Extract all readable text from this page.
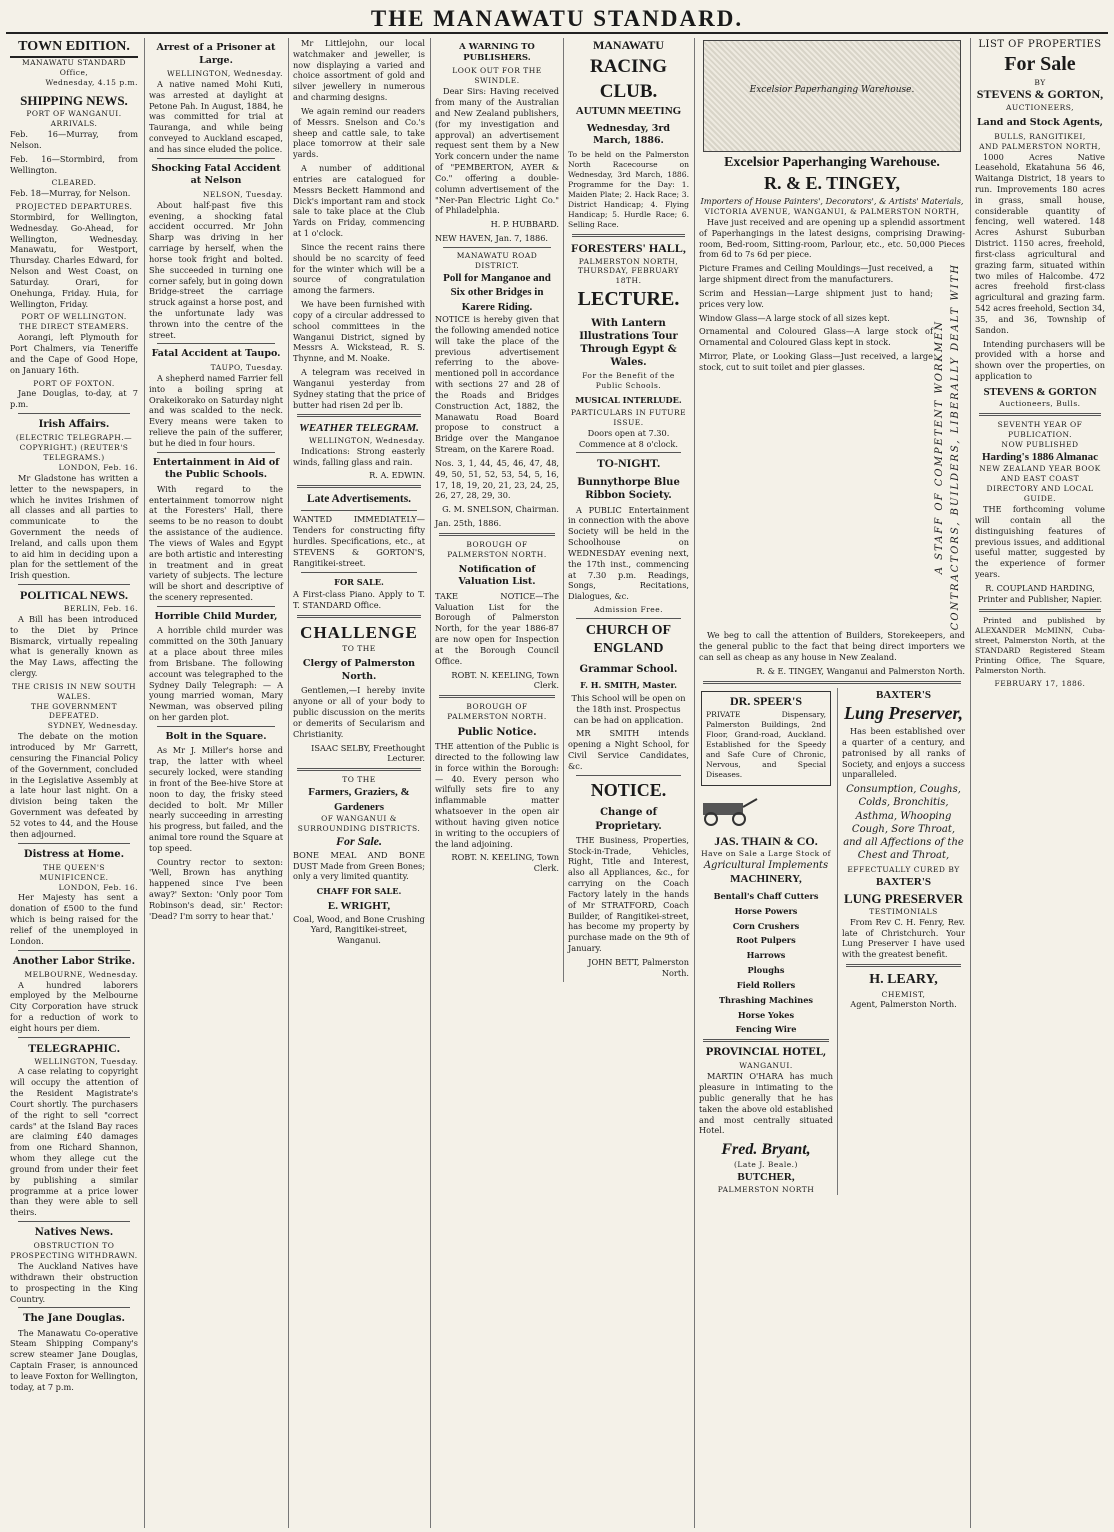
THE MANAWATU STANDARD.
TOWN EDITION.
MANAWATU STANDARD Office,
Wednesday, 4.15 p.m.
SHIPPING NEWS.
PORT OF WANGANUI.
ARRIVALS.

Feb. 16—Murray, from Nelson.

Feb. 16—Stormbird, from Wellington.

CLEARED.

Feb. 18—Murray, for Nelson.

PROJECTED DEPARTURES.

Stormbird, for Wellington, Wednesday. Go-Ahead, for Wellington, Wednesday. Manawatu, for Westport, Thursday. Charles Edward, for Nelson and West Coast, on Saturday. Orari, for Onehunga, Friday. Huia, for Wellington, Friday.

PORT OF WELLINGTON.
THE DIRECT STEAMERS.

Aorangi, left Plymouth for Port Chalmers, via Teneriffe and the Cape of Good Hope, on January 16th.

PORT OF FOXTON.

Jane Douglas, to-day, at 7 p.m.

Irish Affairs.
(ELECTRIC TELEGRAPH.—COPYRIGHT.) (REUTER'S TELEGRAMS.)
LONDON, Feb. 16.

Mr Gladstone has written a letter to the newspapers, in which he invites Irishmen of all classes and all parties to communicate to the Government the needs of Ireland, and calls upon them to aid him in deciding upon a plan for the settlement of the Irish question.

POLITICAL NEWS.
BERLIN, Feb. 16.

A Bill has been introduced to the Diet by Prince Bismarck, virtually repealing what is generally known as the May Laws, affecting the clergy.

THE CRISIS IN NEW SOUTH WALES.
THE GOVERNMENT DEFEATED.
SYDNEY, Wednesday.

The debate on the motion introduced by Mr Garrett, censuring the Financial Policy of the Government, concluded in the Legislative Assembly at a late hour last night. On a division being taken the Government was defeated by 52 votes to 44, and the House then adjourned.

Distress at Home.
THE QUEEN'S MUNIFICENCE.
LONDON, Feb. 16.

Her Majesty has sent a donation of £500 to the fund which is being raised for the relief of the unemployed in London.

Another Labor Strike.
MELBOURNE, Wednesday.

A hundred laborers employed by the Melbourne City Corporation have struck for a reduction of work to eight hours per diem.

TELEGRAPHIC.
WELLINGTON, Tuesday.

A case relating to copyright will occupy the attention of the Resident Magistrate's Court shortly. The purchasers of the right to sell "correct cards" at the Island Bay races are claiming £40 damages from one Richard Shannon, whom they allege cut the ground from under their feet by publishing a similar programme at a price lower than they were able to sell theirs.

Natives News.
OBSTRUCTION TO PROSPECTING WITHDRAWN.

The Auckland Natives have withdrawn their obstruction to prospecting in the King Country.

The Jane Douglas.

The Manawatu Co-operative Steam Shipping Company's screw steamer Jane Douglas, Captain Fraser, is announced to leave Foxton for Wellington, today, at 7 p.m.

Arrest of a Prisoner at Large.
WELLINGTON, Wednesday.

A native named Mohi Kuti, was arrested at daylight at Petone Pah. In August, 1884, he was committed for trial at Tauranga, and while being conveyed to Auckland escaped, and has since eluded the police.

Shocking Fatal Accident at Nelson
NELSON, Tuesday.

About half-past five this evening, a shocking fatal accident occurred. Mr John Sharp was driving in her carriage by herself, when the horse took fright and bolted. She succeeded in turning one corner safely, but in going down Bridge-street the carriage struck against a horse post, and the unfortunate lady was thrown into the centre of the street.

Fatal Accident at Taupo.
TAUPO, Tuesday.

A shepherd named Farrier fell into a boiling spring at Orakeikorako on Saturday night and was scalded to the neck. Every means were taken to relieve the pain of the sufferer, but he died in four hours.

Entertainment in Aid of the Public Schools.

With regard to the entertainment tomorrow night at the Foresters' Hall, there seems to be no reason to doubt the assistance of the audience. The views of Wales and Egypt are both artistic and interesting in treatment and in great variety of subjects. The lecture will be short and descriptive of the scenery represented.

Horrible Child Murder,

A horrible child murder was committed on the 30th January at a place about three miles from Brisbane. The following account was telegraphed to the Sydney Daily Telegraph: — A young married woman, Mary Newman, was observed piling on her garden plot.

Bolt in the Square.

As Mr J. Miller's horse and trap, the latter with wheel securely locked, were standing in front of the Bee-hive Store at noon to day, the frisky steed decided to bolt. Mr Miller nearly succeeding in arresting his progress, but failed, and the animal tore round the Square at top speed.

Country rector to sexton: 'Well, Brown has anything happened since I've been away?' Sexton: 'Only poor Tom Robinson's dead, sir.' Rector: 'Dead? I'm sorry to hear that.'

Mr Littlejohn, our local watchmaker and jeweller, is now displaying a varied and choice assortment of gold and silver jewellery in numerous and charming designs.

We again remind our readers of Messrs. Snelson and Co.'s sheep and cattle sale, to take place tomorrow at their sale yards.

A number of additional entries are catalogued for Messrs Beckett Hammond and Dick's important ram and stock sale to take place at the Club Yards on Friday, commencing at 1 o'clock.

Since the recent rains there should be no scarcity of feed for the winter which will be a source of congratulation among the farmers.

We have been furnished with copy of a circular addressed to school committees in the Wanganui District, signed by Messrs A. Wickstead, R. S. Thynne, and M. Noake.

A telegram was received in Wanganui yesterday from Sydney stating that the price of butter had risen 2d per lb.

WEATHER TELEGRAM.
WELLINGTON, Wednesday.

Indications: Strong easterly winds, falling glass and rain.

R. A. EDWIN.

Late Advertisements.

WANTED IMMEDIATELY—Tenders for constructing fifty hurdles. Specifications, etc., at STEVENS & GORTON'S, Rangitikei-street.

FOR SALE.

A First-class Piano. Apply to T. T. STANDARD Office.

CHALLENGE
TO THE
Clergy of Palmerston North.

Gentlemen,—I hereby invite anyone or all of your body to public discussion on the merits or demerits of Secularism and Christianity.

ISAAC SELBY, Freethought Lecturer.

TO THE
Farmers, Graziers, & Gardeners
OF WANGANUI & SURROUNDING DISTRICTS.
For Sale.

BONE MEAL AND BONE DUST Made from Green Bones; only a very limited quantity.

CHAFF FOR SALE.
E. WRIGHT,

Coal, Wood, and Bone Crushing Yard, Rangitikei-street, Wanganui.

A WARNING TO PUBLISHERS.
LOOK OUT FOR THE SWINDLE.

Dear Sirs: Having received from many of the Australian and New Zealand publishers, (for my investigation and approval) an advertisement request sent them by a New York concern under the name of "PEMBERTON, AYER & Co." offering a double-column advertisement of the "Ner-Pan Electric Light Co." of Philadelphia.

H. P. HUBBARD.

NEW HAVEN, Jan. 7, 1886.

MANAWATU ROAD DISTRICT.
Poll for Manganoe and Six other Bridges in Karere Riding.

NOTICE is hereby given that the following amended notice will take the place of the previous advertisement referring to the above-mentioned poll in accordance with sections 27 and 28 of the Roads and Bridges Construction Act, 1882, the Manawatu Road Board propose to construct a Bridge over the Manganoe Stream, on the Karere Road.

Nos. 3, 1, 44, 45, 46, 47, 48, 49, 50, 51, 52, 53, 54, 5, 16, 17, 18, 19, 20, 21, 23, 24, 25, 26, 27, 28, 29, 30.

G. M. SNELSON, Chairman.

Jan. 25th, 1886.

BOROUGH OF PALMERSTON NORTH.
Notification of Valuation List.

TAKE NOTICE—The Valuation List for the Borough of Palmerston North, for the year 1886-87 are now open for Inspection at the Borough Council Office.

ROBT. N. KEELING, Town Clerk.

BOROUGH OF PALMERSTON NORTH.
Public Notice.

THE attention of the Public is directed to the following law in force within the Borough:— 40. Every person who wilfully sets fire to any inflammable matter whatsoever in the open air without having given notice in writing to the occupiers of the land adjoining.

ROBT. N. KEELING, Town Clerk.

MANAWATU
RACING CLUB.
AUTUMN MEETING
Wednesday, 3rd March, 1886.

To be held on the Palmerston North Racecourse on Wednesday, 3rd March, 1886. Programme for the Day: 1. Maiden Plate; 2. Hack Race; 3. District Handicap; 4. Flying Handicap; 5. Hurdle Race; 6. Selling Race.

FORESTERS' HALL,
PALMERSTON NORTH,
THURSDAY, FEBRUARY 18TH.
LECTURE.
With Lantern Illustrations Tour Through Egypt & Wales.
For the Benefit of the Public Schools.
MUSICAL INTERLUDE.
PARTICULARS IN FUTURE ISSUE.

Doors open at 7.30. Commence at 8 o'clock.

TO-NIGHT.
Bunnythorpe Blue Ribbon Society.

A PUBLIC Entertainment in connection with the above Society will be held in the Schoolhouse on WEDNESDAY evening next, the 17th inst., commencing at 7.30 p.m. Readings, Songs, Recitations, Dialogues, &c.

Admission Free.
CHURCH OF ENGLAND
Grammar School.
F. H. SMITH, Master.

This School will be open on the 18th inst. Prospectus can be had on application.

MR SMITH intends opening a Night School, for Civil Service Candidates, &c.

NOTICE.
Change of Proprietary.

THE Business, Properties, Stock-in-Trade, Vehicles, Right, Title and Interest, also all Appliances, &c., for carrying on the Coach Factory lately in the hands of Mr STRATFORD, Coach Builder, of Rangitikei-street, has become my property by purchase made on the 9th of January.

JOHN BETT, Palmerston North.

Excelsior Paperhanging Warehouse.
Excelsior Paperhanging Warehouse.
R. & E. TINGEY,
Importers of House Painters', Decorators', & Artists' Materials,
VICTORIA AVENUE, WANGANUI, & PALMERSTON NORTH,

Have just received and are opening up a splendid assortment of Paperhangings in the latest designs, comprising Drawing-room, Bed-room, Sitting-room, Parlour, etc., etc. 50,000 Pieces from 6d to 7s 6d per piece.

Picture Frames and Ceiling Mouldings—Just received, a large shipment direct from the manufacturers.

Scrim and Hessian—Large shipment just to hand; prices very low.

Window Glass—A large stock of all sizes kept.

Ornamental and Coloured Glass—A large stock of Ornamental and Coloured Glass kept in stock.

Mirror, Plate, or Looking Glass—Just received, a large stock, cut to suit toilet and pier glasses.	A STAFF OF COMPETENT WORKMEN CONTRACTORS, BUILDERS, LIBERALLY DEALT WITH

We beg to call the attention of Builders, Storekeepers, and the general public to the fact that being direct importers we can sell as cheap as any house in New Zealand.

R. & E. TINGEY, Wanganui and Palmerston North.

DR. SPEER'S

PRIVATE Dispensary, Palmerston Buildings, 2nd Floor, Grand-road, Auckland. Established for the Speedy and Safe Cure of Chronic, Nervous, and Special Diseases.

JAS. THAIN & CO.
Have on Sale a Large Stock of
Agricultural Implements
MACHINERY,
Bentall's Chaff Cutters
Horse Powers
Corn Crushers
Root Pulpers
Harrows
Ploughs
Field Rollers
Thrashing Machines
Horse Yokes
Fencing Wire
PROVINCIAL HOTEL,
WANGANUI.

MARTIN O'HARA has much pleasure in intimating to the public generally that he has taken the above old established and most centrally situated Hotel.

Fred. Bryant,
(Late J. Beale.)
BUTCHER,
PALMERSTON NORTH
BAXTER'S
Lung Preserver,

Has been established over a quarter of a century, and patronised by all ranks of Society, and enjoys a success unparalleled.

Consumption, Coughs, Colds, Bronchitis, Asthma, Whooping Cough, Sore Throat, and all Affections of the Chest and Throat,

EFFECTUALLY CURED BY
BAXTER'S
LUNG PRESERVER
TESTIMONIALS

From Rev C. H. Fenry, Rev. late of Christchurch. Your Lung Preserver I have used with the greatest benefit.

H. LEARY,
CHEMIST,
Agent, Palmerston North.
LIST OF PROPERTIES
For Sale
BY
STEVENS & GORTON,
AUCTIONEERS,
Land and Stock Agents,
BULLS, RANGITIKEI,
AND PALMERSTON NORTH,

1000 Acres Native Leasehold, Ekatahuna 56 46, Waitanga District, 18 years to run. Improvements 180 acres in grass, small house, considerable quantity of fencing, well watered. 148 Acres Ashurst Suburban District. 1150 acres, freehold, first-class agricultural and grazing farm, situated within two miles of Halcombe. 472 acres freehold first-class agricultural and grazing farm. 542 acres freehold, Section 34, 35, and 36, Township of Sandon.

Intending purchasers will be provided with a horse and shown over the properties, on application to

STEVENS & GORTON
Auctioneers, Bulls.
SEVENTH YEAR OF PUBLICATION.
NOW PUBLISHED
Harding's 1886 Almanac
NEW ZEALAND YEAR BOOK
AND EAST COAST DIRECTORY AND LOCAL GUIDE.

THE forthcoming volume will contain all the distinguishing features of previous issues, and additional useful matter, suggested by the experience of former years.

R. COUPLAND HARDING,
Printer and Publisher, Napier.

Printed and published by ALEXANDER McMINN, Cuba-street, Palmerston North, at the STANDARD Registered Steam Printing Office, The Square, Palmerston North.

FEBRUARY 17, 1886.
